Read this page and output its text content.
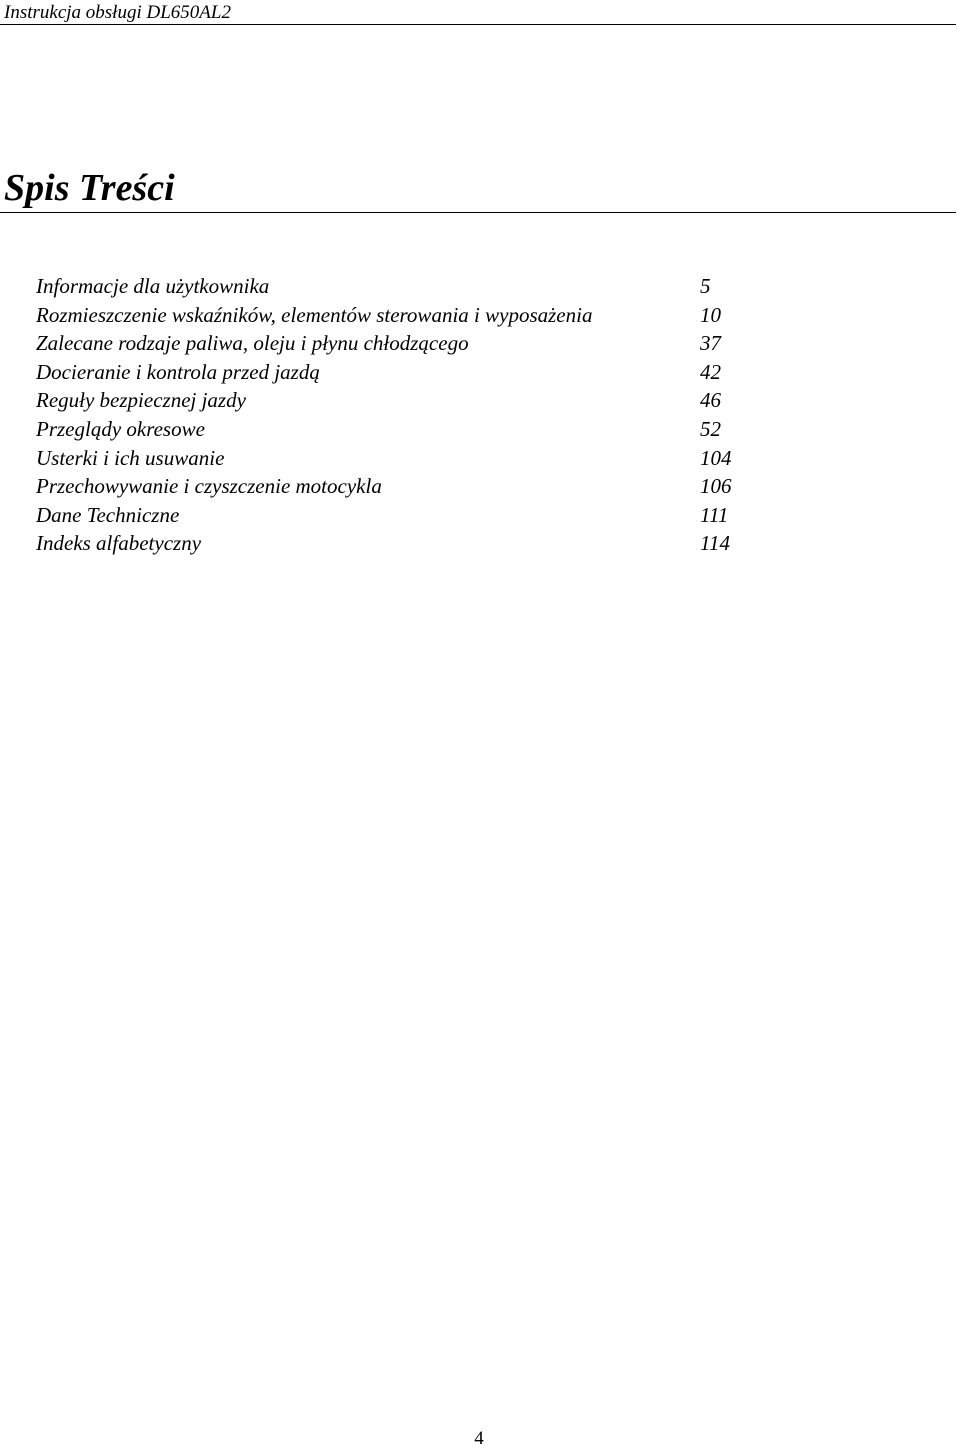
Instrukcja obsługi DL650AL2
Spis Treści
Informacje dla użytkownika	5
Rozmieszczenie wskaźników, elementów sterowania i wyposażenia	10
Zalecane rodzaje paliwa, oleju i płynu chłodzącego	37
Docieranie i kontrola przed jazdą	42
Reguły bezpiecznej jazdy	46
Przeglądy okresowe	52
Usterki i ich usuwanie	104
Przechowywanie i czyszczenie motocykla	106
Dane Techniczne	111
Indeks alfabetyczny	114
4
